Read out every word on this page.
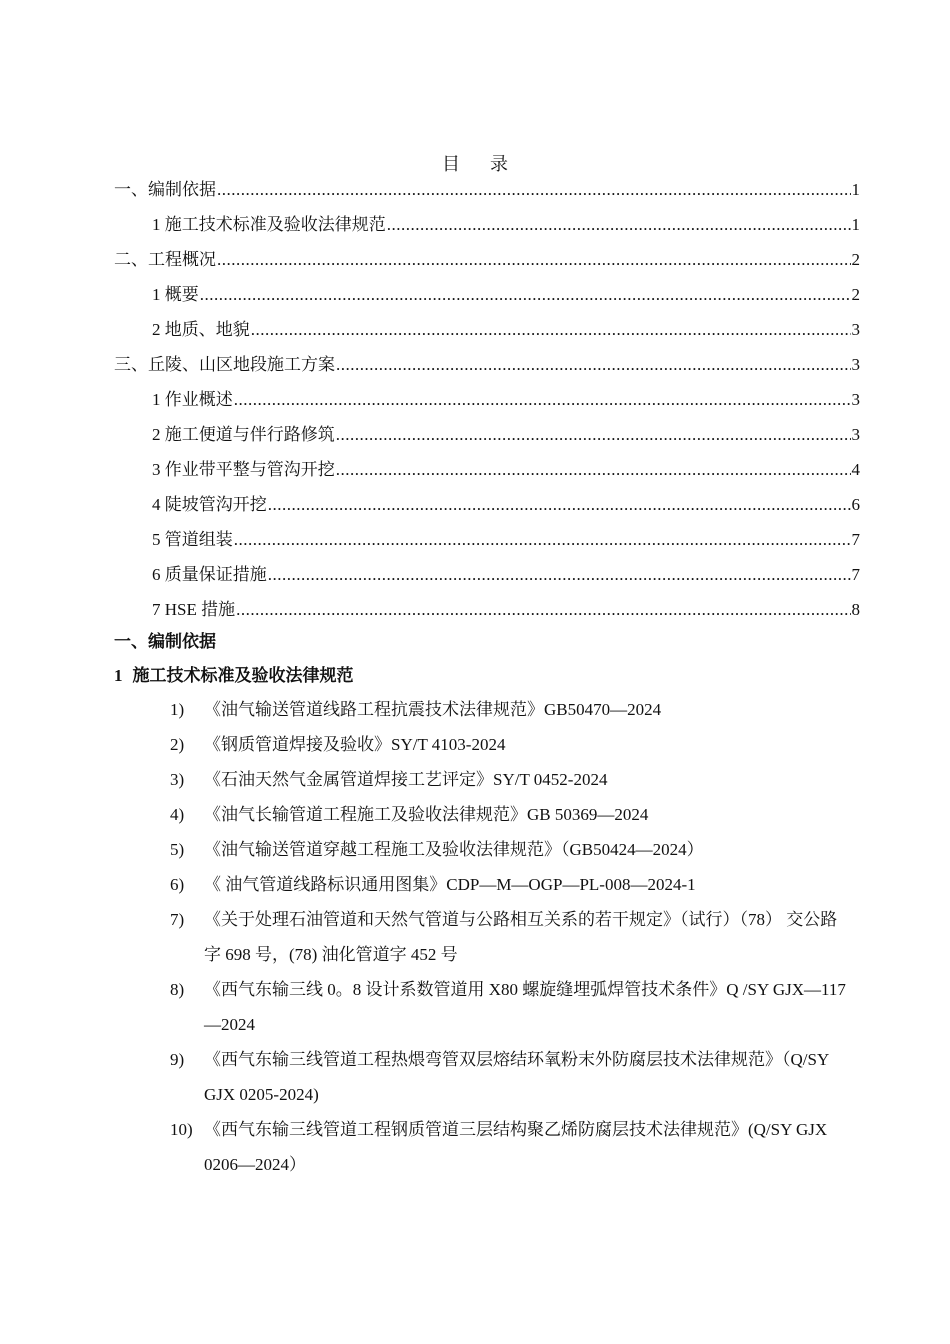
目 录
一、编制依据 .....	1
1 施工技术标准及验收法律规范 .....	1
二、工程概况 .....	2
1 概要 .....	2
2 地质、地貌 .....	3
三、丘陵、山区地段施工方案 .....	3
1 作业概述 .....	3
2 施工便道与伴行路修筑 .....	3
3 作业带平整与管沟开挖 .....	4
4 陡坡管沟开挖 .....	6
5 管道组装 .....	7
6 质量保证措施 .....	7
7 HSE 措施 .....	8
一、编制依据
1 施工技术标准及验收法律规范
1)	《油气输送管道线路工程抗震技术法律规范》GB50470—2024
2)	《钢质管道焊接及验收》SY/T 4103-2024
3)	《石油天然气金属管道焊接工艺评定》SY/T 0452-2024
4)	《油气长输管道工程施工及验收法律规范》GB 50369—2024
5)	《油气输送管道穿越工程施工及验收法律规范》（GB50424—2024）
6)	《 油气管道线路标识通用图集》CDP—M—OGP—PL-008—2024-1
7)	《关于处理石油管道和天然气管道与公路相互关系的若干规定》（试行）（78） 交公路字 698 号，(78) 油化管道字 452 号
8)	《西气东输三线 0。8 设计系数管道用 X80 螺旋缝埋弧焊管技术条件》Q /SY GJX—117—2024
9)	《西气东输三线管道工程热煨弯管双层熔结环氧粉末外防腐层技术法律规范》（Q/SY GJX 0205-2024)
10) 《西气东输三线管道工程钢质管道三层结构聚乙烯防腐层技术法律规范》(Q/SY GJX 0206—2024）
